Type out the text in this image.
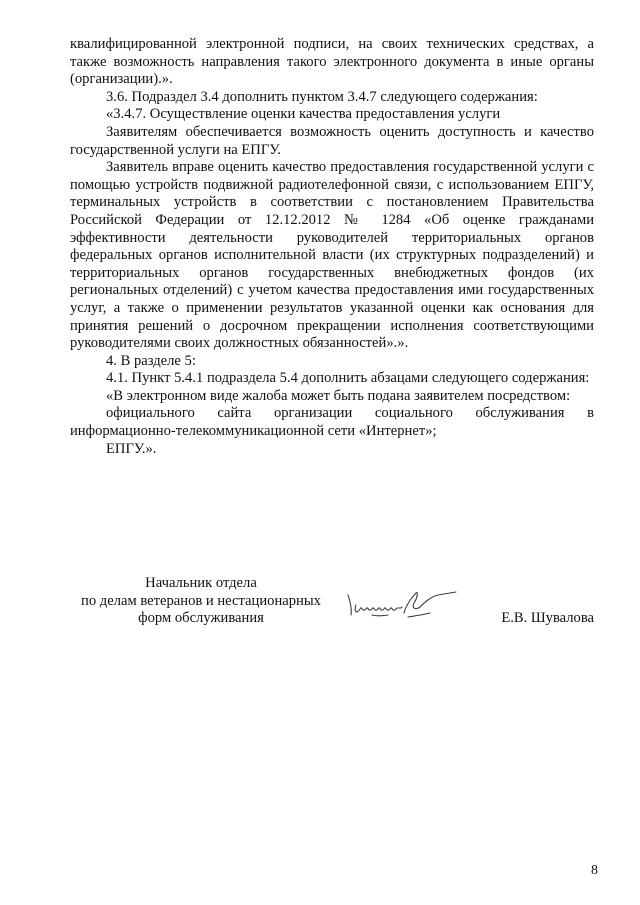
квалифицированной электронной подписи, на своих технических средствах, а также возможность направления такого электронного документа в иные органы (организации).».

3.6. Подраздел 3.4 дополнить пунктом 3.4.7 следующего содержания:

«3.4.7. Осуществление оценки качества предоставления услуги

Заявителям обеспечивается возможность оценить доступность и качество государственной услуги на ЕПГУ.

Заявитель вправе оценить качество предоставления государственной услуги с помощью устройств подвижной радиотелефонной связи, с использованием ЕПГУ, терминальных устройств в соответствии с постановлением Правительства Российской Федерации от 12.12.2012 № 1284 «Об оценке гражданами эффективности деятельности руководителей территориальных органов федеральных органов исполнительной власти (их структурных подразделений) и территориальных органов государственных внебюджетных фондов (их региональных отделений) с учетом качества предоставления ими государственных услуг, а также о применении результатов указанной оценки как основания для принятия решений о досрочном прекращении исполнения соответствующими руководителями своих должностных обязанностей».».

4. В разделе 5:

4.1. Пункт 5.4.1 подраздела 5.4 дополнить абзацами следующего содержания:

«В электронном виде жалоба может быть подана заявителем посредством:

официального сайта организации социального обслуживания в информационно-телекоммуникационной сети «Интернет»;

ЕПГУ.».

Начальник отдела
по делам ветеранов и нестационарных
форм обслуживания	Е.В. Шувалова
8
